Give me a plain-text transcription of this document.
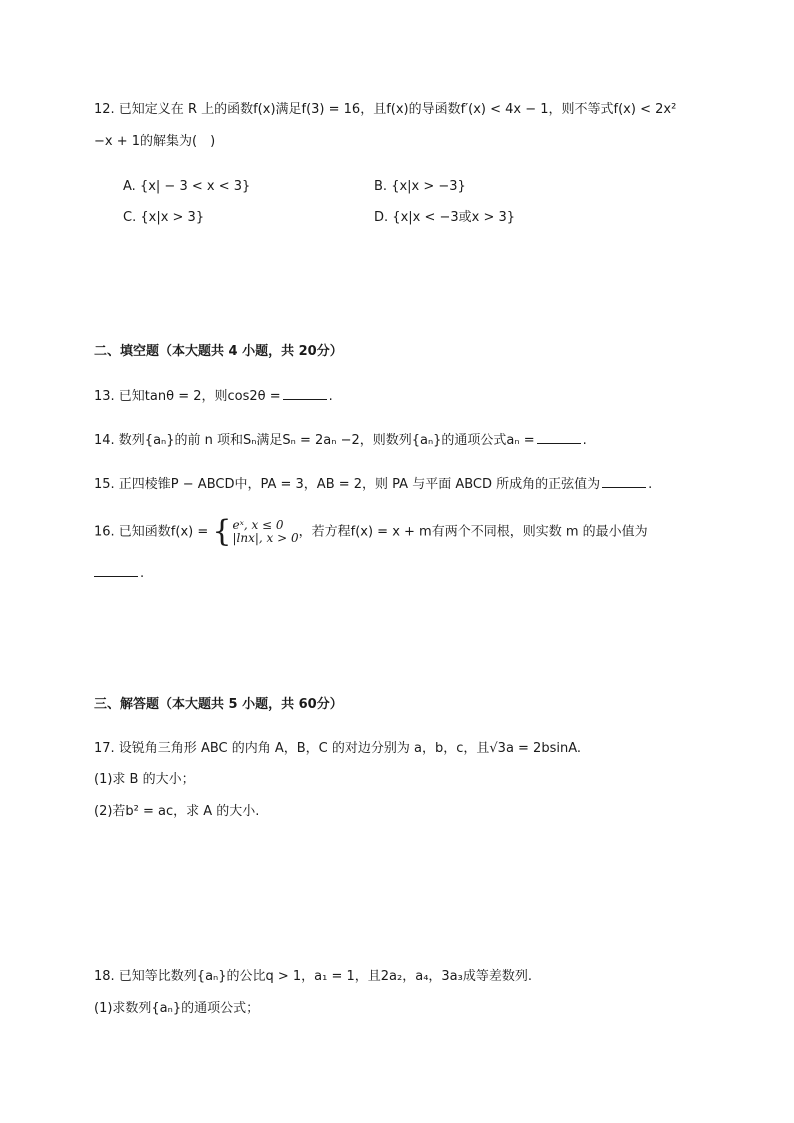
12. 已知定义在 R 上的函数f(x)满足f(3) = 16，且f(x)的导函数f′(x) < 4x − 1，则不等式f(x) < 2x²
−x + 1的解集为(　)
A. {x| − 3 < x < 3}	B. {x|x > −3}
C. {x|x > 3}	D. {x|x < −3或x > 3}
二、填空题（本大题共 4 小题，共 20分）
13. 已知tanθ = 2，则cos2θ =	.
14. 数列{aₙ}的前 n 项和Sₙ满足Sₙ = 2aₙ −2，则数列{aₙ}的通项公式aₙ =	.
15. 正四棱锥P − ABCD中，PA = 3，AB = 2，则 PA 与平面 ABCD 所成角的正弦值为	.
16. 已知函数f(x) = { eˣ, x ≤ 0
|lnx|, x > 0 ，若方程f(x) = x + m有两个不同根，则实数 m 的最小值为
.
三、解答题（本大题共 5 小题，共 60分）
17. 设锐角三角形 ABC 的内角 A，B，C 的对边分别为 a，b，c，且√3a = 2bsinA.
(1)求 B 的大小；
(2)若b² = ac，求 A 的大小.
18. 已知等比数列{aₙ}的公比q > 1，a₁ = 1，且2a₂，a₄，3a₃成等差数列.
(1)求数列{aₙ}的通项公式；
